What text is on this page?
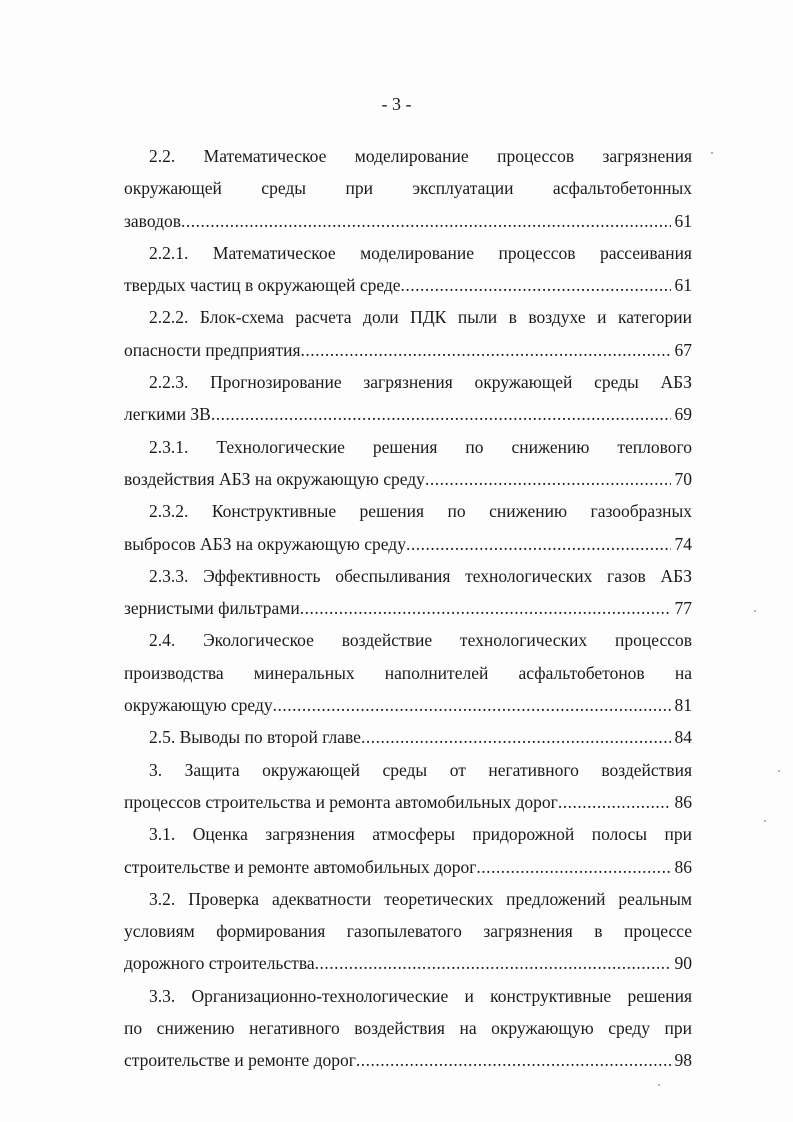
- 3 -
2.2. Математическое моделирование процессов загрязнения
окружающей среды при эксплуатации асфальтобетонных
заводов .....	61
2.2.1. Математическое моделирование процессов рассеивания
твердых частиц в окружающей среде .....	61
2.2.2. Блок-схема расчета доли ПДК пыли в воздухе и категории
опасности предприятия .....	67
2.2.3. Прогнозирование загрязнения окружающей среды АБЗ
легкими ЗВ .....	69
2.3.1. Технологические решения по снижению теплового
воздействия АБЗ на окружающую среду .....	70
2.3.2. Конструктивные решения по снижению газообразных
выбросов АБЗ на окружающую среду .....	74
2.3.3. Эффективность обеспыливания технологических газов АБЗ
зернистыми фильтрами .....	77
2.4. Экологическое воздействие технологических процессов
производства минеральных наполнителей асфальтобетонов на
окружающую среду .....	81
2.5. Выводы по второй главе .....	84
3. Защита окружающей среды от негативного воздействия
процессов строительства и ремонта автомобильных дорог .....	86
3.1. Оценка загрязнения атмосферы придорожной полосы при
строительстве и ремонте автомобильных дорог .....	86
3.2. Проверка адекватности теоретических предложений реальным
условиям формирования газопылеватого загрязнения в процессе
дорожного строительства .....	90
3.3. Организационно-технологические и конструктивные решения
по снижению негативного воздействия на окружающую среду при
строительстве и ремонте дорог .....	98
